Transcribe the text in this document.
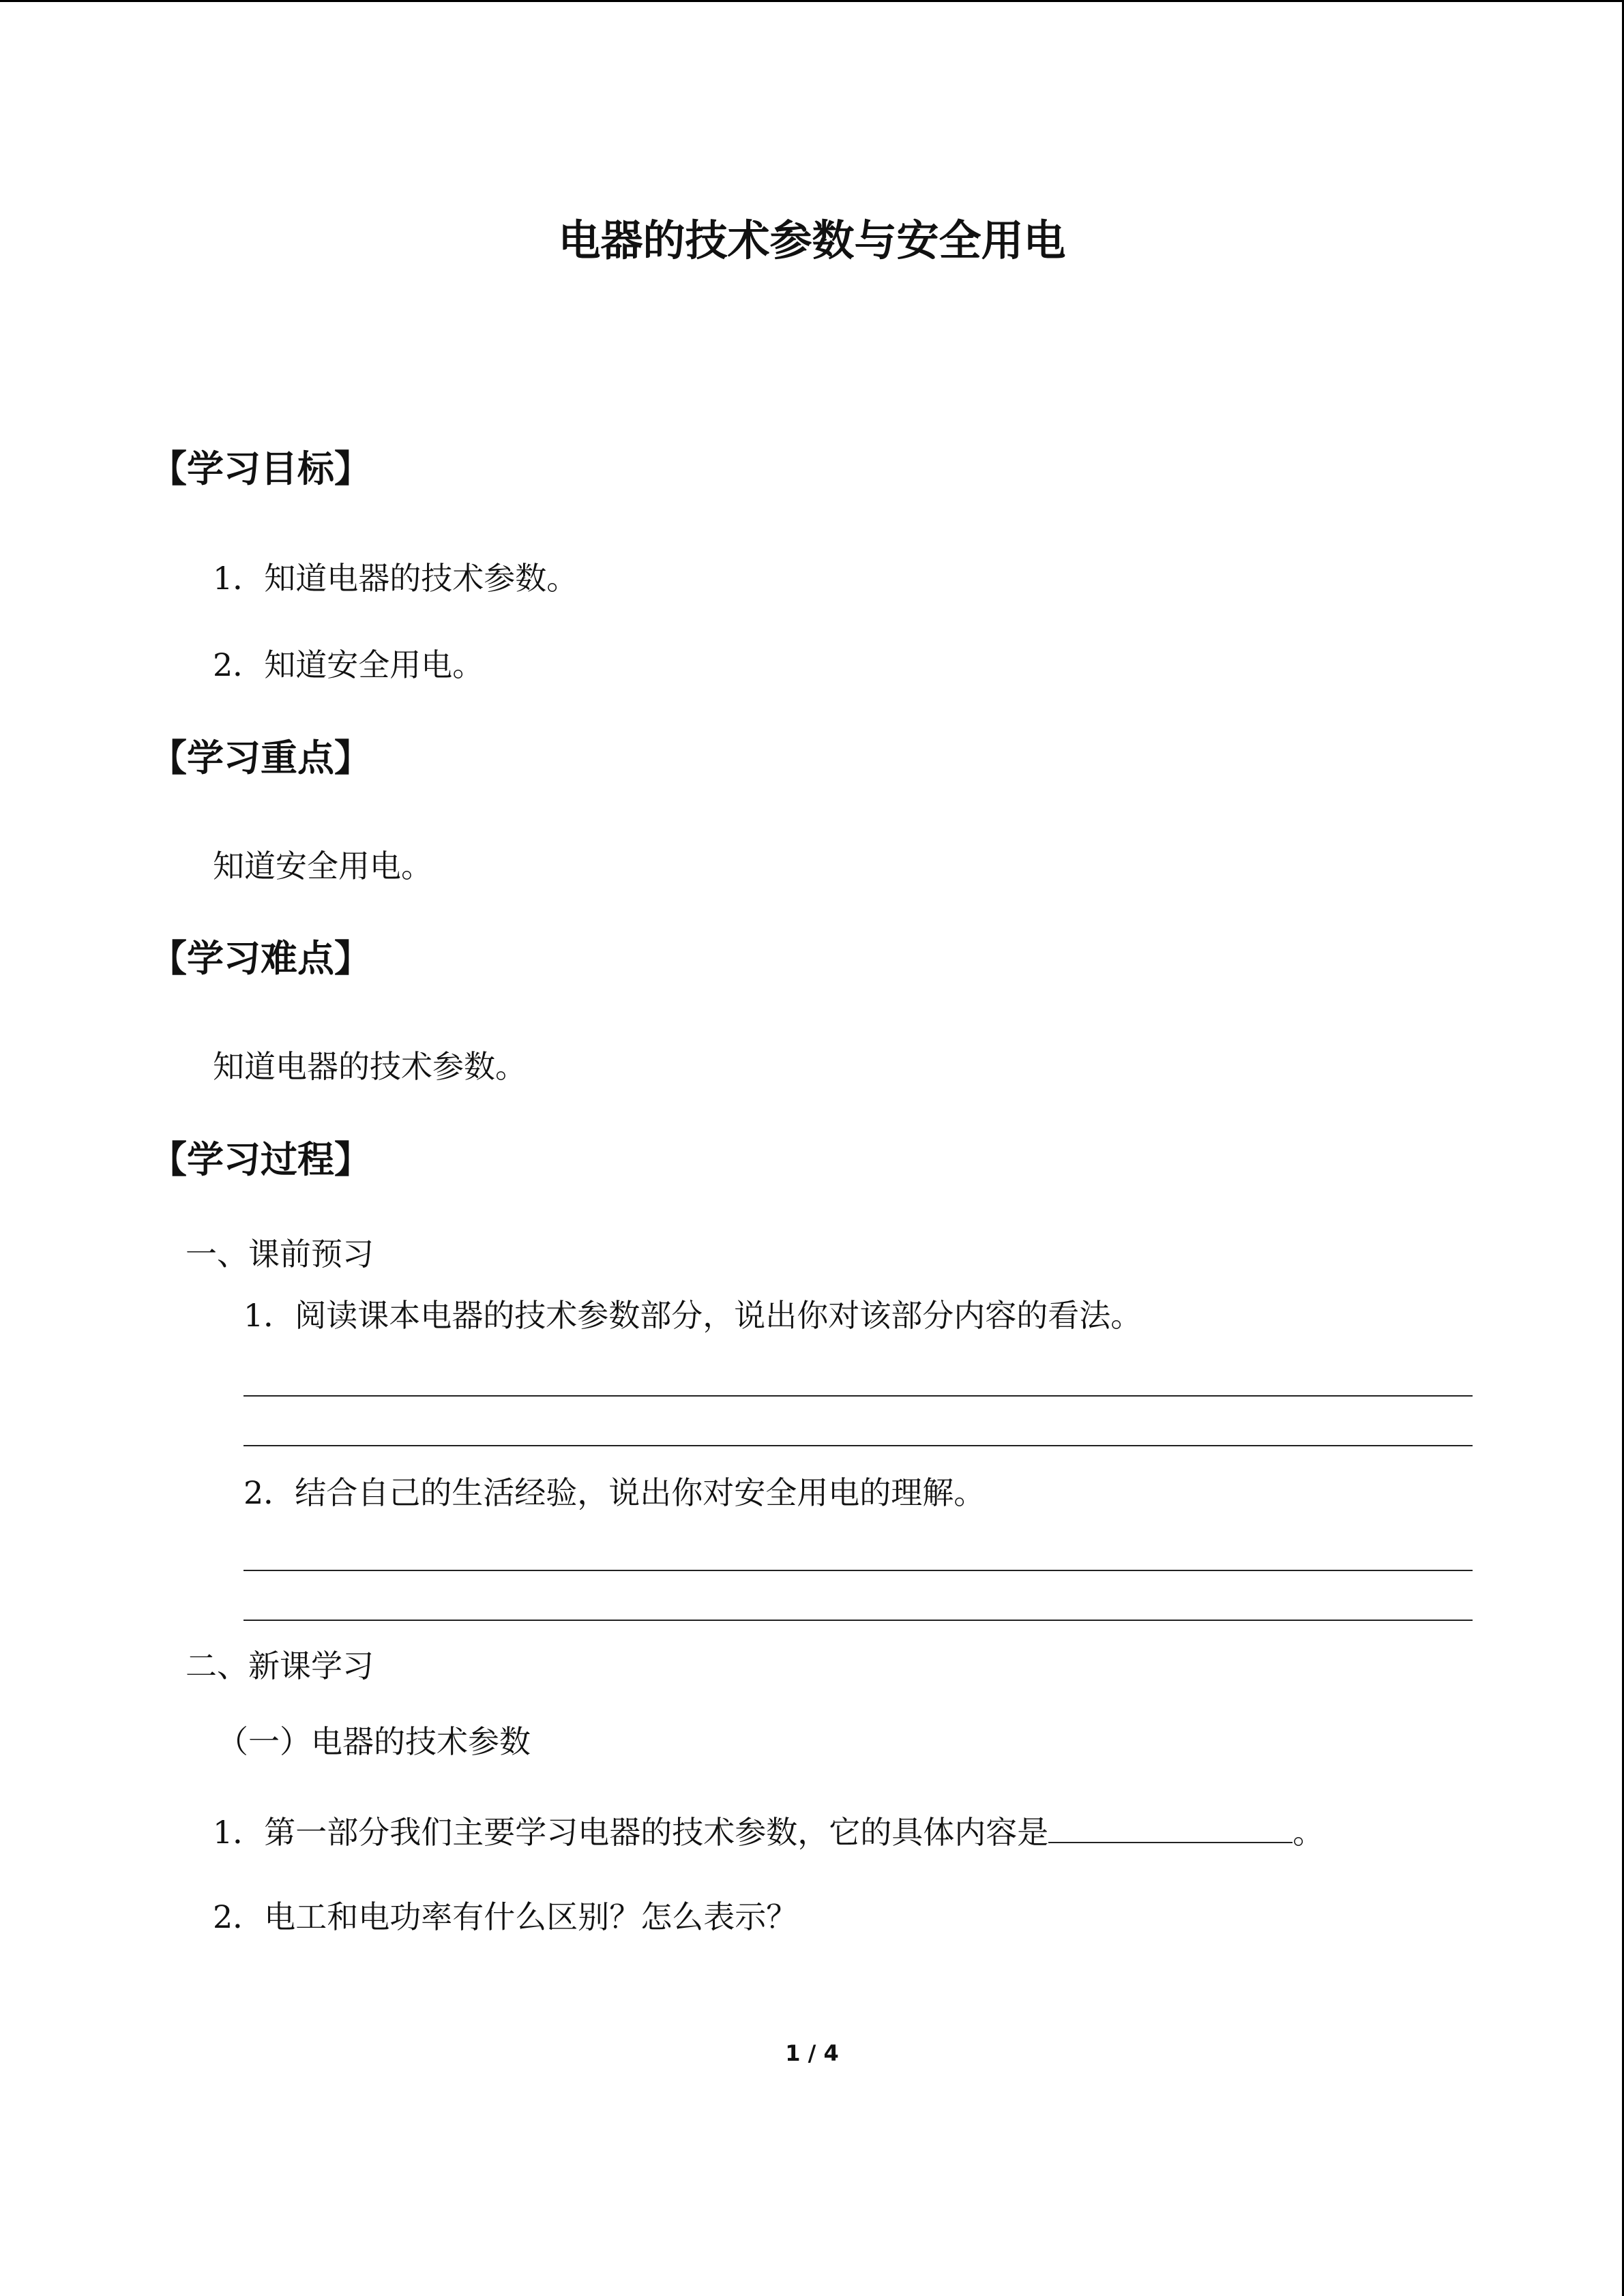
电器的技术参数与安全用电
【学习目标】
1．知道电器的技术参数。
2．知道安全用电。
【学习重点】
知道安全用电。
【学习难点】
知道电器的技术参数。
【学习过程】
一、课前预习
1．阅读课本电器的技术参数部分，说出你对该部分内容的看法。
2．结合自己的生活经验，说出你对安全用电的理解。
二、新课学习
（一）电器的技术参数
1．第一部分我们主要学习电器的技术参数，它的具体内容是	。
2．电工和电功率有什么区别？怎么表示？
1 / 4
